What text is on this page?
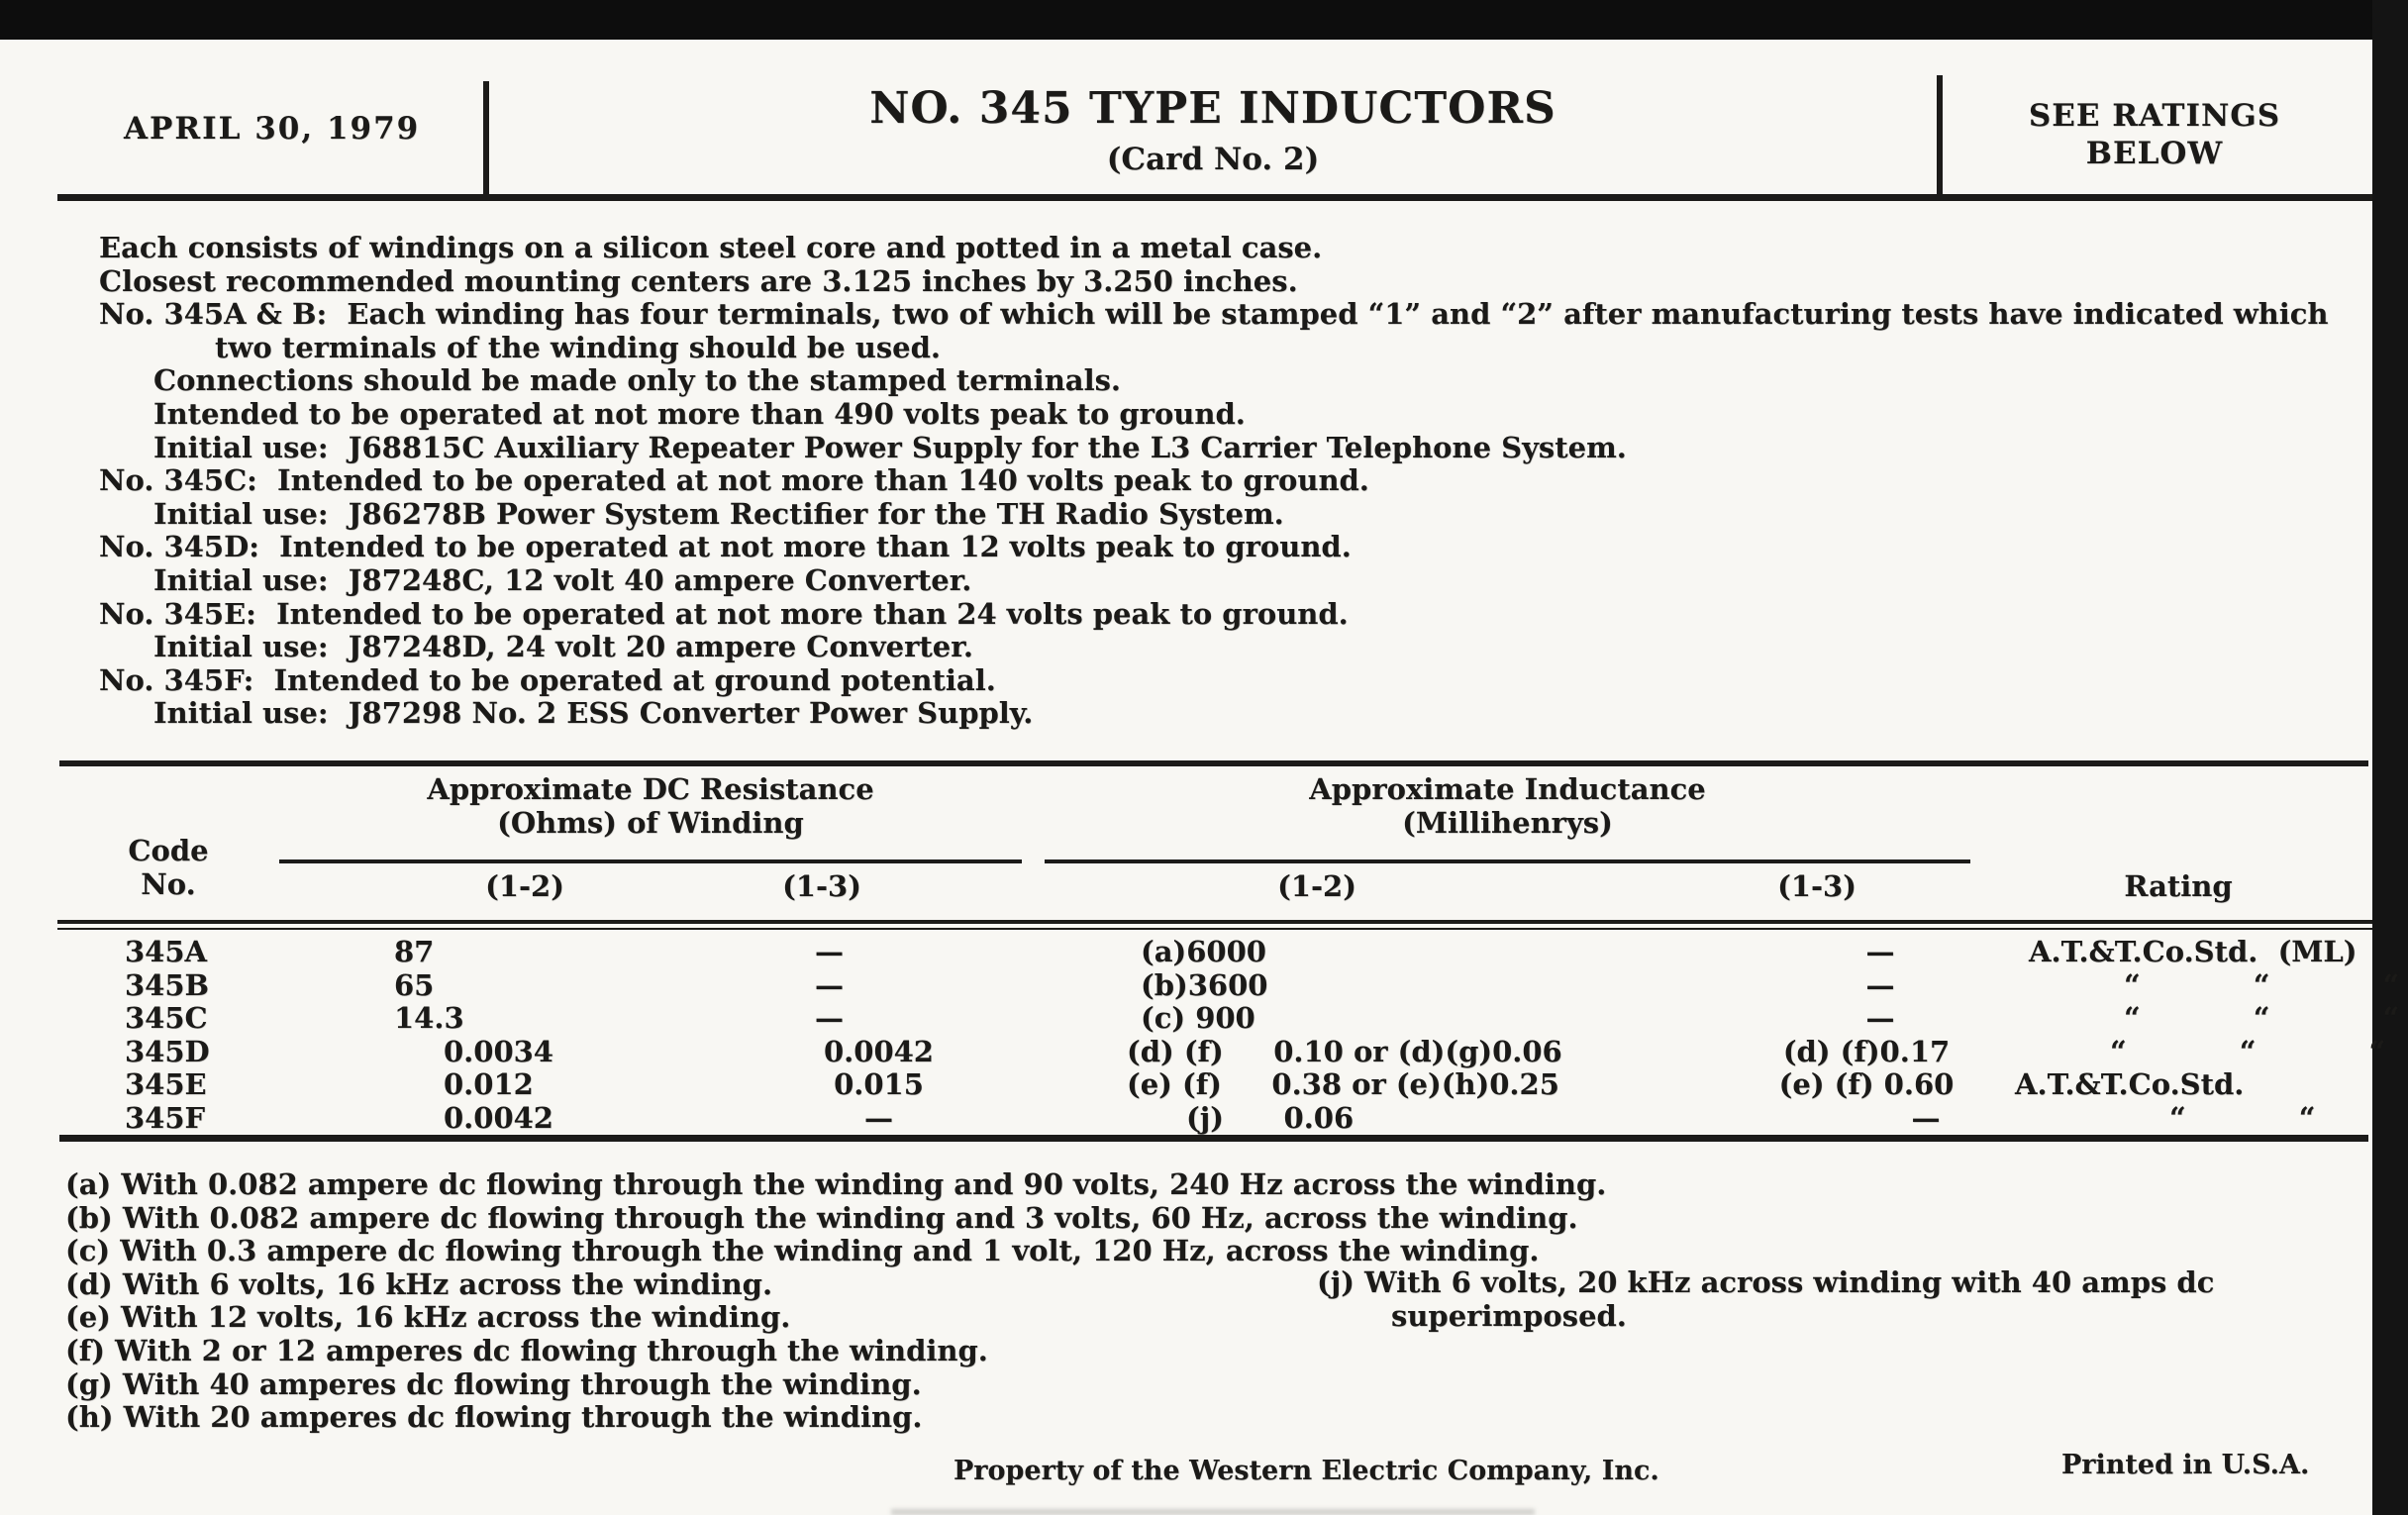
APRIL 30, 1979	NO. 345 TYPE INDUCTORS
(Card No. 2)
SEE RATINGS
BELOW
Each consists of windings on a silicon steel core and potted in a metal case.
Closest recommended mounting centers are 3.125 inches by 3.250 inches.
No. 345A & B:  Each winding has four terminals, two of which will be stamped “1” and “2” after manufacturing tests have indicated which
two terminals of the winding should be used.
Connections should be made only to the stamped terminals.
Intended to be operated at not more than 490 volts peak to ground.
Initial use:  J68815C Auxiliary Repeater Power Supply for the L3 Carrier Telephone System.
No. 345C:  Intended to be operated at not more than 140 volts peak to ground.
Initial use:  J86278B Power System Rectifier for the TH Radio System.
No. 345D:  Intended to be operated at not more than 12 volts peak to ground.
Initial use:  J87248C, 12 volt 40 ampere Converter.
No. 345E:  Intended to be operated at not more than 24 volts peak to ground.
Initial use:  J87248D, 24 volt 20 ampere Converter.
No. 345F:  Intended to be operated at ground potential.
Initial use:  J87298 No. 2 ESS Converter Power Supply.
Approximate DC Resistance
(Ohms) of Winding
Approximate Inductance
(Millihenrys)
Code
No.	(1-2)	(1-3)	(1-2)	(1-3)	Rating
345A	87	—	(a)6000	—	A.T.&T.Co.Std.  (ML)
345B	65	—	(b)3600	—	“ “ “
345C	14.3	—	(c) 900	—	“ “ “
345D	0.0034	0.0042	(d) (f)     0.10 or (d)(g)0.06	(d) (f)0.17	“ “ “
345E	0.012	0.015	(e) (f)     0.38 or (e)(h)0.25	(e) (f) 0.60	A.T.&T.Co.Std.
345F	0.0042	—	(j)      0.06	—	“ “
(a) With 0.082 ampere dc flowing through the winding and 90 volts, 240 Hz across the winding.
(b) With 0.082 ampere dc flowing through the winding and 3 volts, 60 Hz, across the winding.
(c) With 0.3 ampere dc flowing through the winding and 1 volt, 120 Hz, across the winding.
(d) With 6 volts, 16 kHz across the winding.
(e) With 12 volts, 16 kHz across the winding.
(f) With 2 or 12 amperes dc flowing through the winding.
(g) With 40 amperes dc flowing through the winding.
(h) With 20 amperes dc flowing through the winding.
(j) With 6 volts, 20 kHz across winding with 40 amps dc
superimposed.
Property of the Western Electric Company, Inc.	Printed in U.S.A.
